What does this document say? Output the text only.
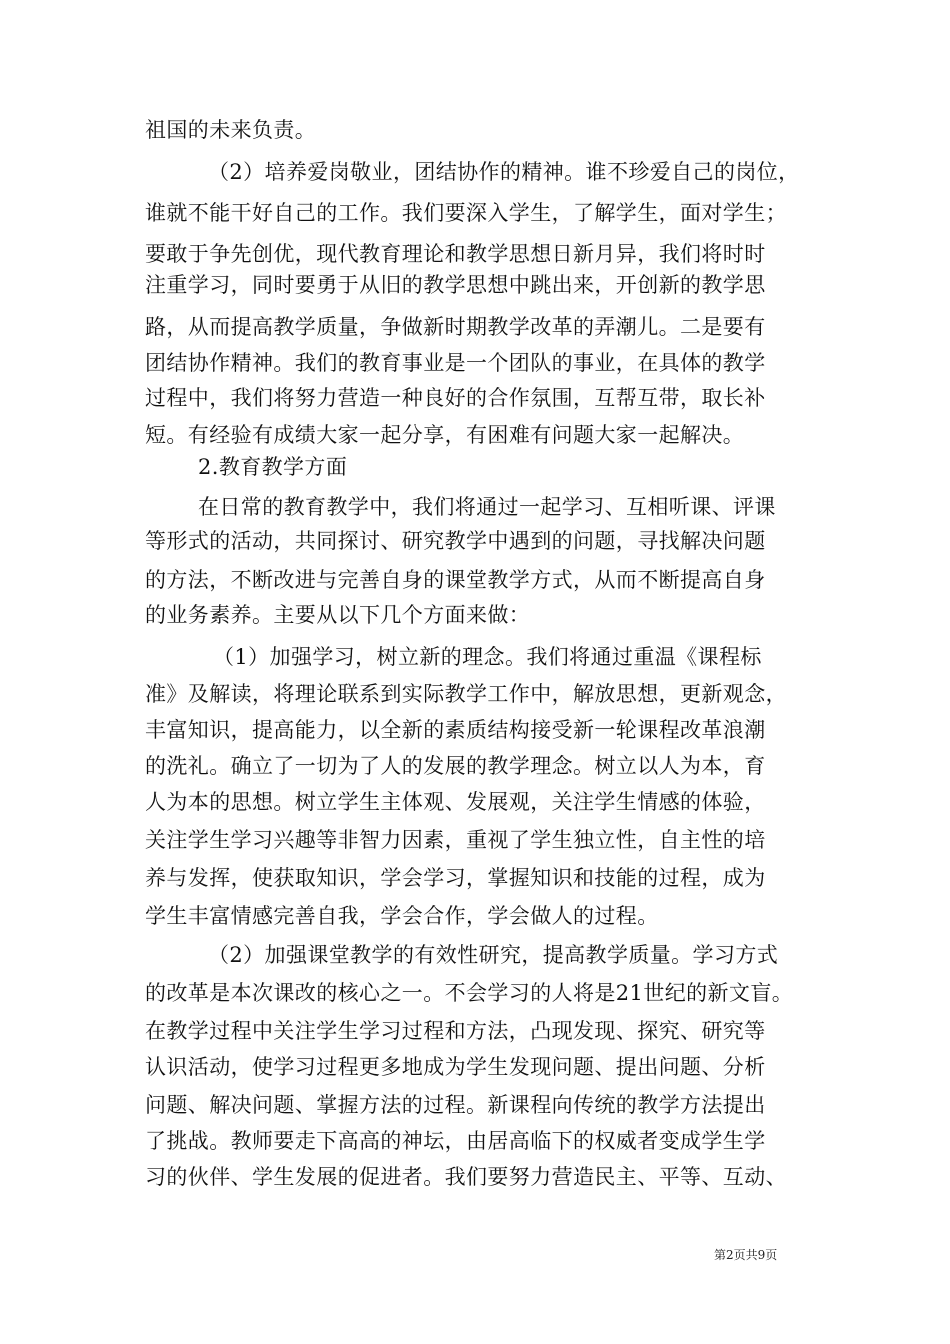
祖国的未来负责。
（2）培养爱岗敬业，团结协作的精神。谁不珍爱自己的岗位，
谁就不能干好自己的工作。我们要深入学生，了解学生，面对学生；
要敢于争先创优，现代教育理论和教学思想日新月异，我们将时时
注重学习，同时要勇于从旧的教学思想中跳出来，开创新的教学思
路，从而提高教学质量，争做新时期教学改革的弄潮儿。二是要有
团结协作精神。我们的教育事业是一个团队的事业，在具体的教学
过程中，我们将努力营造一种良好的合作氛围，互帮互带，取长补
短。有经验有成绩大家一起分享，有困难有问题大家一起解决。
2.教育教学方面
在日常的教育教学中，我们将通过一起学习、互相听课、评课
等形式的活动，共同探讨、研究教学中遇到的问题，寻找解决问题
的方法，不断改进与完善自身的课堂教学方式，从而不断提高自身
的业务素养。主要从以下几个方面来做：
（1）加强学习，树立新的理念。我们将通过重温《课程标
准》及解读，将理论联系到实际教学工作中，解放思想，更新观念，
丰富知识，提高能力，以全新的素质结构接受新一轮课程改革浪潮
的洗礼。确立了一切为了人的发展的教学理念。树立以人为本，育
人为本的思想。树立学生主体观、发展观，关注学生情感的体验，
关注学生学习兴趣等非智力因素，重视了学生独立性，自主性的培
养与发挥，使获取知识，学会学习，掌握知识和技能的过程，成为
学生丰富情感完善自我，学会合作，学会做人的过程。
（2）加强课堂教学的有效性研究，提高教学质量。学习方式
的改革是本次课改的核心之一。不会学习的人将是21世纪的新文盲。
在教学过程中关注学生学习过程和方法，凸现发现、探究、研究等
认识活动，使学习过程更多地成为学生发现问题、提出问题、分析
问题、解决问题、掌握方法的过程。新课程向传统的教学方法提出
了挑战。教师要走下高高的神坛，由居高临下的权威者变成学生学
习的伙伴、学生发展的促进者。我们要努力营造民主、平等、互动、
第2页共9页
